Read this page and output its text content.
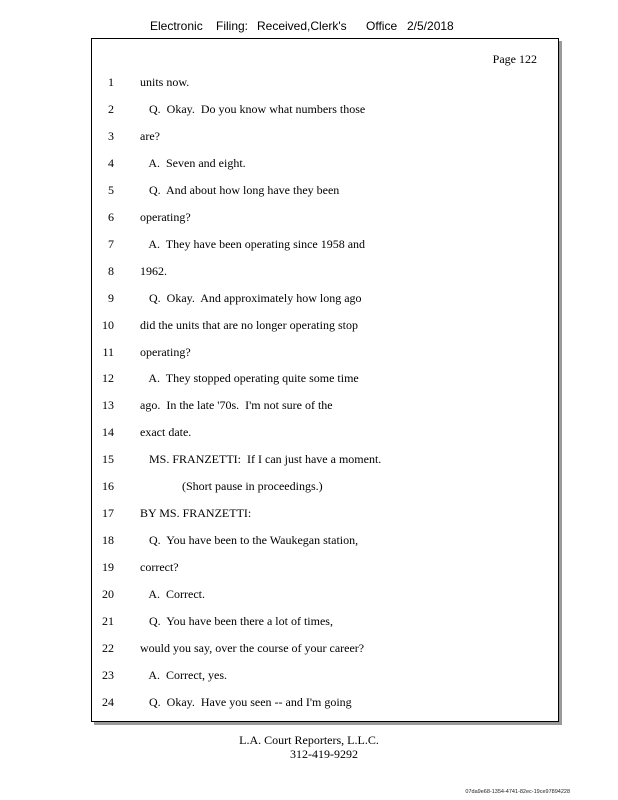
Electronic

Filing:

Received,Clerk's

Office

2/5/2018

Page 122
1 units now.
2 Q.  Okay.  Do you know what numbers those
3 are?
4 A.  Seven and eight.
5 Q.  And about how long have they been
6 operating?
7 A.  They have been operating since 1958 and
8 1962.
9 Q.  Okay.  And approximately how long ago
10 did the units that are no longer operating stop
11 operating?
12 A.  They stopped operating quite some time
13 ago.  In the late '70s.  I'm not sure of the
14 exact date.
15 MS. FRANZETTI:  If I can just have a moment.
16 (Short pause in proceedings.)
17 BY MS. FRANZETTI:
18 Q.  You have been to the Waukegan station,
19 correct?
20 A.  Correct.
21 Q.  You have been there a lot of times,
22 would you say, over the course of your career?
23 A.  Correct, yes.
24 Q.  Okay.  Have you seen -- and I'm going
L.A. Court Reporters, L.L.C.
312-419-9292
07da9e68-1354-4741-82ec-19ce97894228
